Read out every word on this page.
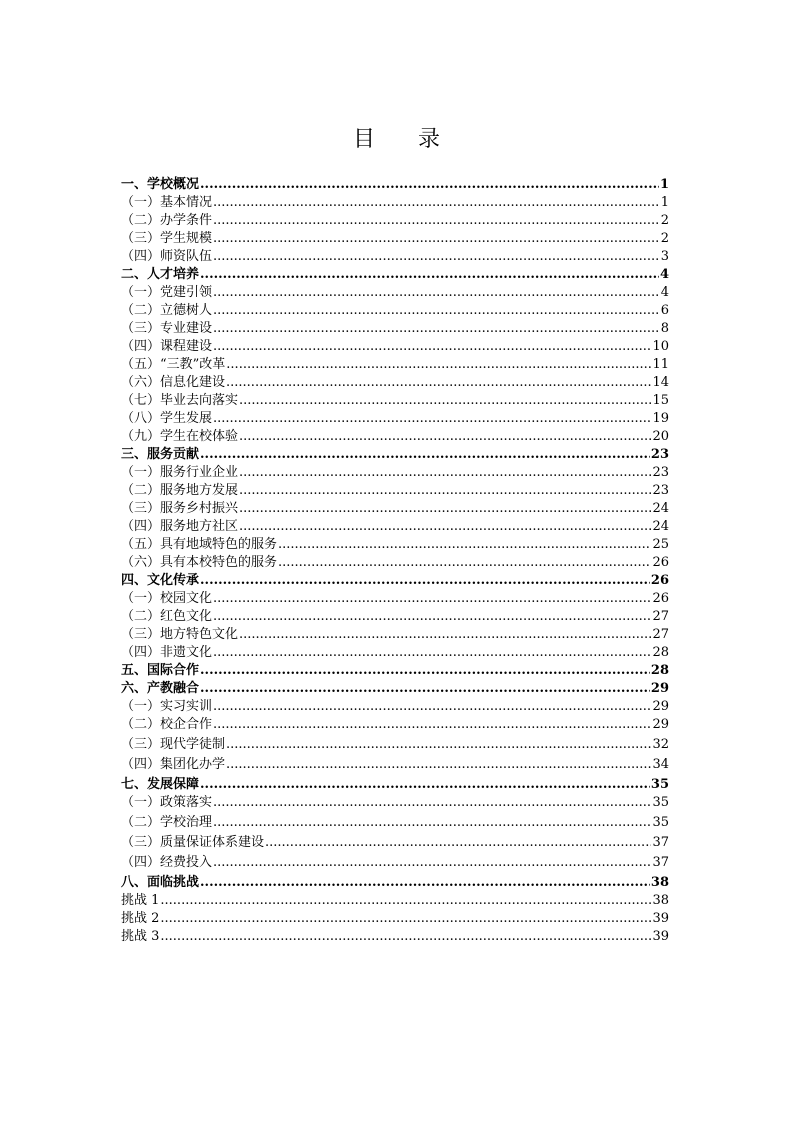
目 录
一、学校概况 .....	1
（一）基本情况 .....	1
（二）办学条件 .....	2
（三）学生规模 .....	2
（四）师资队伍 .....	3
二、人才培养 .....	4
（一）党建引领 .....	4
（二）立德树人 .....	6
（三）专业建设 .....	8
（四）课程建设 .....	10
（五）“三教”改革 .....	11
（六）信息化建设 .....	14
（七）毕业去向落实 .....	15
（八）学生发展 .....	19
（九）学生在校体验 .....	20
三、服务贡献 .....	23
（一）服务行业企业 .....	23
（二）服务地方发展 .....	23
（三）服务乡村振兴 .....	24
（四）服务地方社区 .....	24
（五）具有地域特色的服务 .....	25
（六）具有本校特色的服务 .....	26
四、文化传承 .....	26
（一）校园文化 .....	26
（二）红色文化 .....	27
（三）地方特色文化 .....	27
（四）非遗文化 .....	28
五、国际合作 .....	28
六、产教融合 .....	29
（一）实习实训 .....	29
（二）校企合作 .....	29
（三）现代学徒制 .....	32
（四）集团化办学 .....	34
七、发展保障 .....	35
（一）政策落实 .....	35
（二）学校治理 .....	35
（三）质量保证体系建设 .....	37
（四）经费投入 .....	37
八、面临挑战 .....	38
挑战 1 .....	38
挑战 2 .....	39
挑战 3 .....	39
